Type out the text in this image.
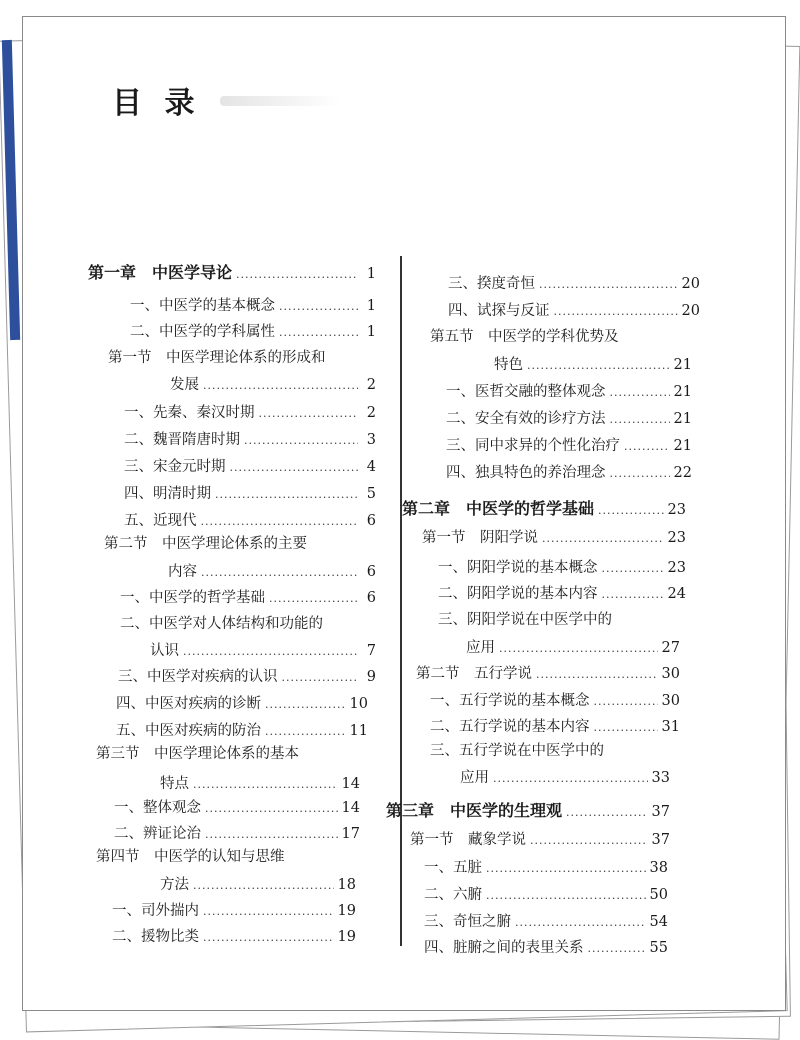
目 录
第一章　中医学导论 .....	1
一、中医学的基本概念 .....	1
二、中医学的学科属性 .....	1
第一节　中医学理论体系的形成和
发展 .....	2
一、先秦、秦汉时期 .....	2
二、魏晋隋唐时期 .....	3
三、宋金元时期 .....	4
四、明清时期 .....	5
五、近现代 .....	6
第二节　中医学理论体系的主要
内容 .....	6
一、中医学的哲学基础 .....	6
二、中医学对人体结构和功能的
认识 .....	7
三、中医学对疾病的认识 .....	9
四、中医对疾病的诊断 .....	10
五、中医对疾病的防治 .....	11
第三节　中医学理论体系的基本
特点 .....	14
一、整体观念 .....	14
二、辨证论治 .....	17
第四节　中医学的认知与思维
方法 .....	18
一、司外揣内 .....	19
二、援物比类 .....	19
三、揆度奇恒 .....	20
四、试探与反证 .....	20
第五节　中医学的学科优势及
特色 .....	21
一、医哲交融的整体观念 .....	21
二、安全有效的诊疗方法 .....	21
三、同中求异的个性化治疗 .....	21
四、独具特色的养治理念 .....	22
第二章　中医学的哲学基础 .....	23
第一节　阴阳学说 .....	23
一、阴阳学说的基本概念 .....	23
二、阴阳学说的基本内容 .....	24
三、阴阳学说在中医学中的
应用 .....	27
第二节　五行学说 .....	30
一、五行学说的基本概念 .....	30
二、五行学说的基本内容 .....	31
三、五行学说在中医学中的
应用 .....	33
第三章　中医学的生理观 .....	37
第一节　藏象学说 .....	37
一、五脏 .....	38
二、六腑 .....	50
三、奇恒之腑 .....	54
四、脏腑之间的表里关系 .....	55
